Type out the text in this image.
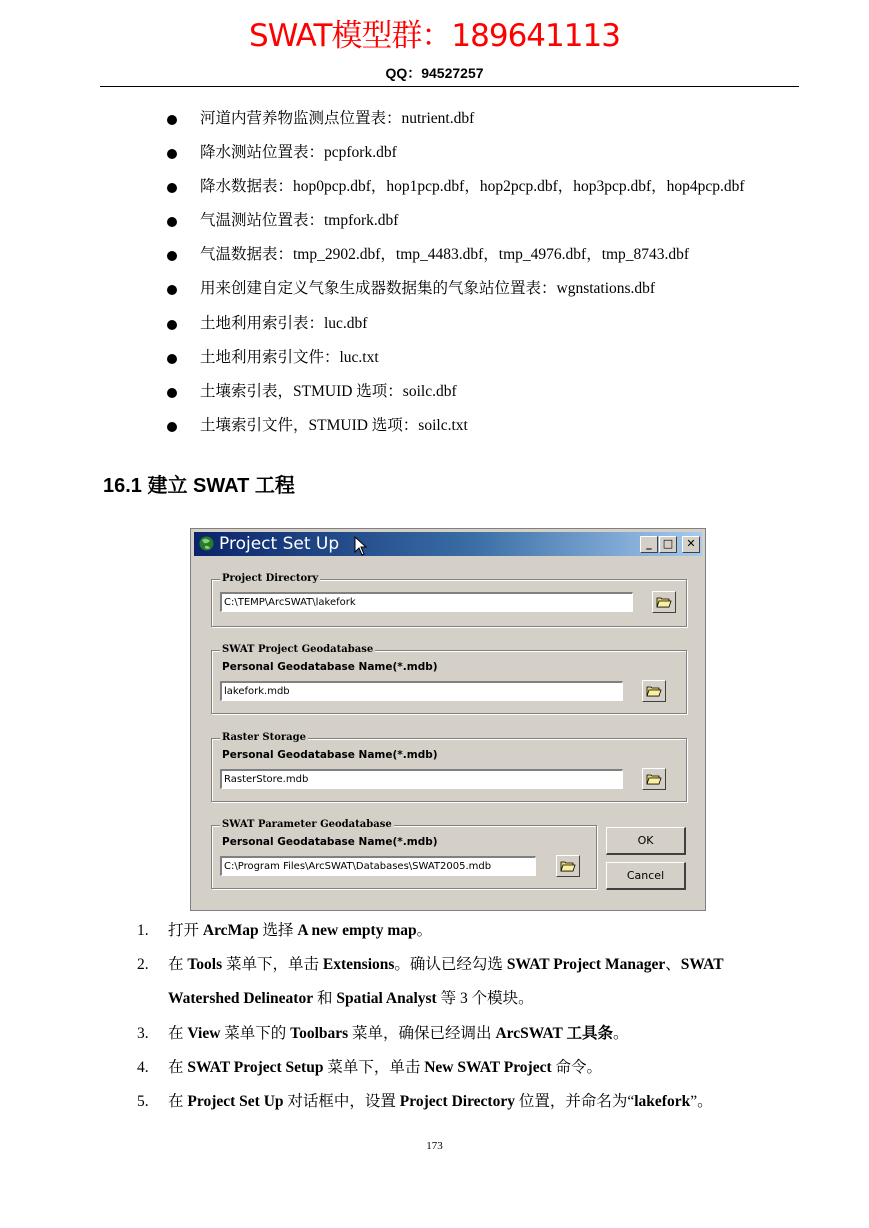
SWAT模型群：189641113
QQ：94527257
河道内营养物监测点位置表：nutrient.dbf
降水测站位置表：pcpfork.dbf
降水数据表：hop0pcp.dbf，hop1pcp.dbf，hop2pcp.dbf，hop3pcp.dbf，hop4pcp.dbf
气温测站位置表：tmpfork.dbf
气温数据表：tmp_2902.dbf，tmp_4483.dbf，tmp_4976.dbf，tmp_8743.dbf
用来创建自定义气象生成器数据集的气象站位置表：wgnstations.dbf
土地利用索引表：luc.dbf
土地利用索引文件：luc.txt
土壤索引表，STMUID 选项：soilc.dbf
土壤索引文件，STMUID 选项：soilc.txt
16.1 建立 SWAT 工程
Project Set Up	_	□	✕
Project Directory
C:\TEMP\ArcSWAT\lakefork
SWAT Project Geodatabase
Personal Geodatabase Name(*.mdb)
lakefork.mdb
Raster Storage
Personal Geodatabase Name(*.mdb)
RasterStore.mdb
SWAT Parameter Geodatabase
Personal Geodatabase Name(*.mdb)
C:\Program Files\ArcSWAT\Databases\SWAT2005.mdb
OK
Cancel
1. 打开 ArcMap 选择 A new empty map。
2. 在 Tools 菜单下，单击 Extensions。确认已经勾选 SWAT Project Manager、SWAT
Watershed Delineator 和 Spatial Analyst 等 3 个模块。
3. 在 View 菜单下的 Toolbars 菜单，确保已经调出 ArcSWAT 工具条。
4. 在 SWAT Project Setup 菜单下，单击 New SWAT Project 命令。
5. 在 Project Set Up 对话框中，设置 Project Directory 位置，并命名为“lakefork”。
173
